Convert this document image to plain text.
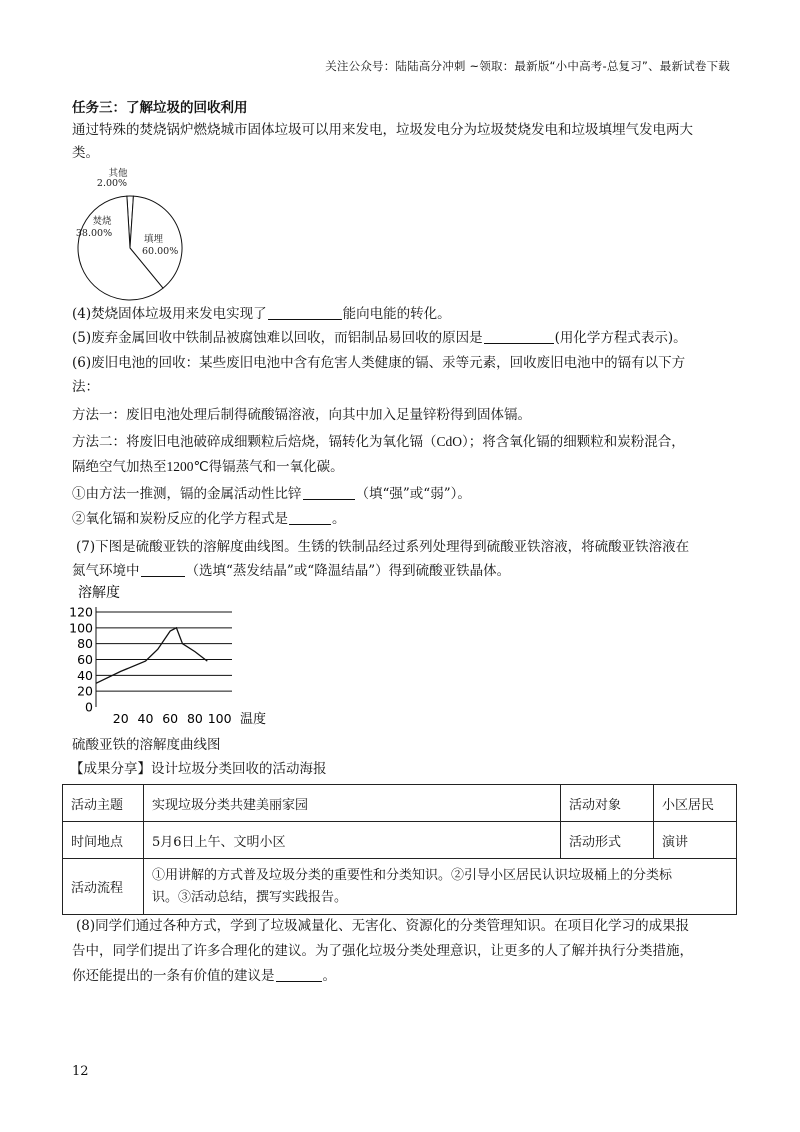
关注公众号：陆陆高分冲刺 ~领取：最新版“小中高考-总复习”、最新试卷下载
任务三：了解垃圾的回收利用
通过特殊的焚烧锅炉燃烧城市固体垃圾可以用来发电，垃圾发电分为垃圾焚烧发电和垃圾填埋气发电两大
类。
其他
2.00%
焚烧
38.00%
填埋
60.00%
(4)焚烧固体垃圾用来发电实现了	能向电能的转化。
(5)废弃金属回收中铁制品被腐蚀难以回收，而铝制品易回收的原因是	(用化学方程式表示)。
(6)废旧电池的回收：某些废旧电池中含有危害人类健康的镉、汞等元素，回收废旧电池中的镉有以下方
法：
方法一：废旧电池处理后制得硫酸镉溶液，向其中加入足量锌粉得到固体镉。
方法二：将废旧电池破碎成细颗粒后焙烧，镉转化为氧化镉（CdO）；将含氧化镉的细颗粒和炭粉混合，
隔绝空气加热至1200℃得镉蒸气和一氧化碳。
①由方法一推测，镉的金属活动性比锌	（填“强”或“弱”）。
②氧化镉和炭粉反应的化学方程式是	。
(7)下图是硫酸亚铁的溶解度曲线图。生锈的铁制品经过系列处理得到硫酸亚铁溶液，将硫酸亚铁溶液在
氮气环境中	（选填“蒸发结晶”或“降温结晶”）得到硫酸亚铁晶体。
溶解度
0
20
40
60
80
100
120
20 40 60 80 100 温度
硫酸亚铁的溶解度曲线图
【成果分享】设计垃圾分类回收的活动海报
活动主题	实现垃圾分类共建美丽家园	活动对象	小区居民
时间地点	5月6日上午、文明小区	活动形式	演讲
活动流程	①用讲解的方式普及垃圾分类的重要性和分类知识。②引导小区居民认识垃圾桶上的分类标
识。③活动总结，撰写实践报告。		
(8)同学们通过各种方式，学到了垃圾减量化、无害化、资源化的分类管理知识。在项目化学习的成果报
告中，同学们提出了许多合理化的建议。为了强化垃圾分类处理意识，让更多的人了解并执行分类措施，
你还能提出的一条有价值的建议是	。
12
